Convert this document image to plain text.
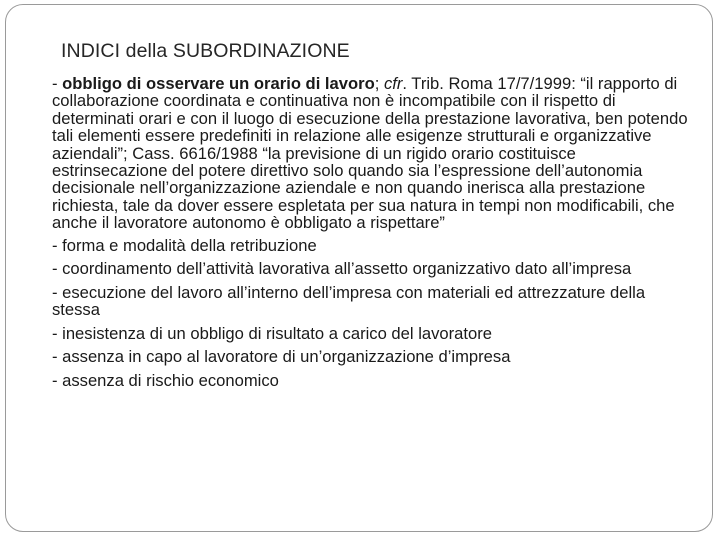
INDICI della SUBORDINAZIONE

- obbligo di osservare un orario di lavoro; cfr. Trib. Roma 17/7/1999: “il rapporto di collaborazione coordinata e continuativa non è incompatibile con il rispetto di determinati orari e con il luogo di esecuzione della prestazione lavorativa, ben potendo tali elementi essere predefiniti in relazione alle esigenze strutturali e organizzative aziendali”; Cass. 6616/1988 “la previsione di un rigido orario costituisce estrinsecazione del potere direttivo solo quando sia l’espressione dell’autonomia decisionale nell’organizzazione aziendale e non quando inerisca alla prestazione richiesta, tale da dover essere espletata per sua natura in tempi non modificabili, che anche il lavoratore autonomo è obbligato a rispettare”

- forma e modalità della retribuzione

- coordinamento dell’attività lavorativa all’assetto organizzativo dato all’impresa

- esecuzione del lavoro all’interno dell’impresa con materiali ed attrezzature della stessa

- inesistenza di un obbligo di risultato a carico del lavoratore

- assenza in capo al lavoratore di un’organizzazione d’impresa

- assenza di rischio economico
